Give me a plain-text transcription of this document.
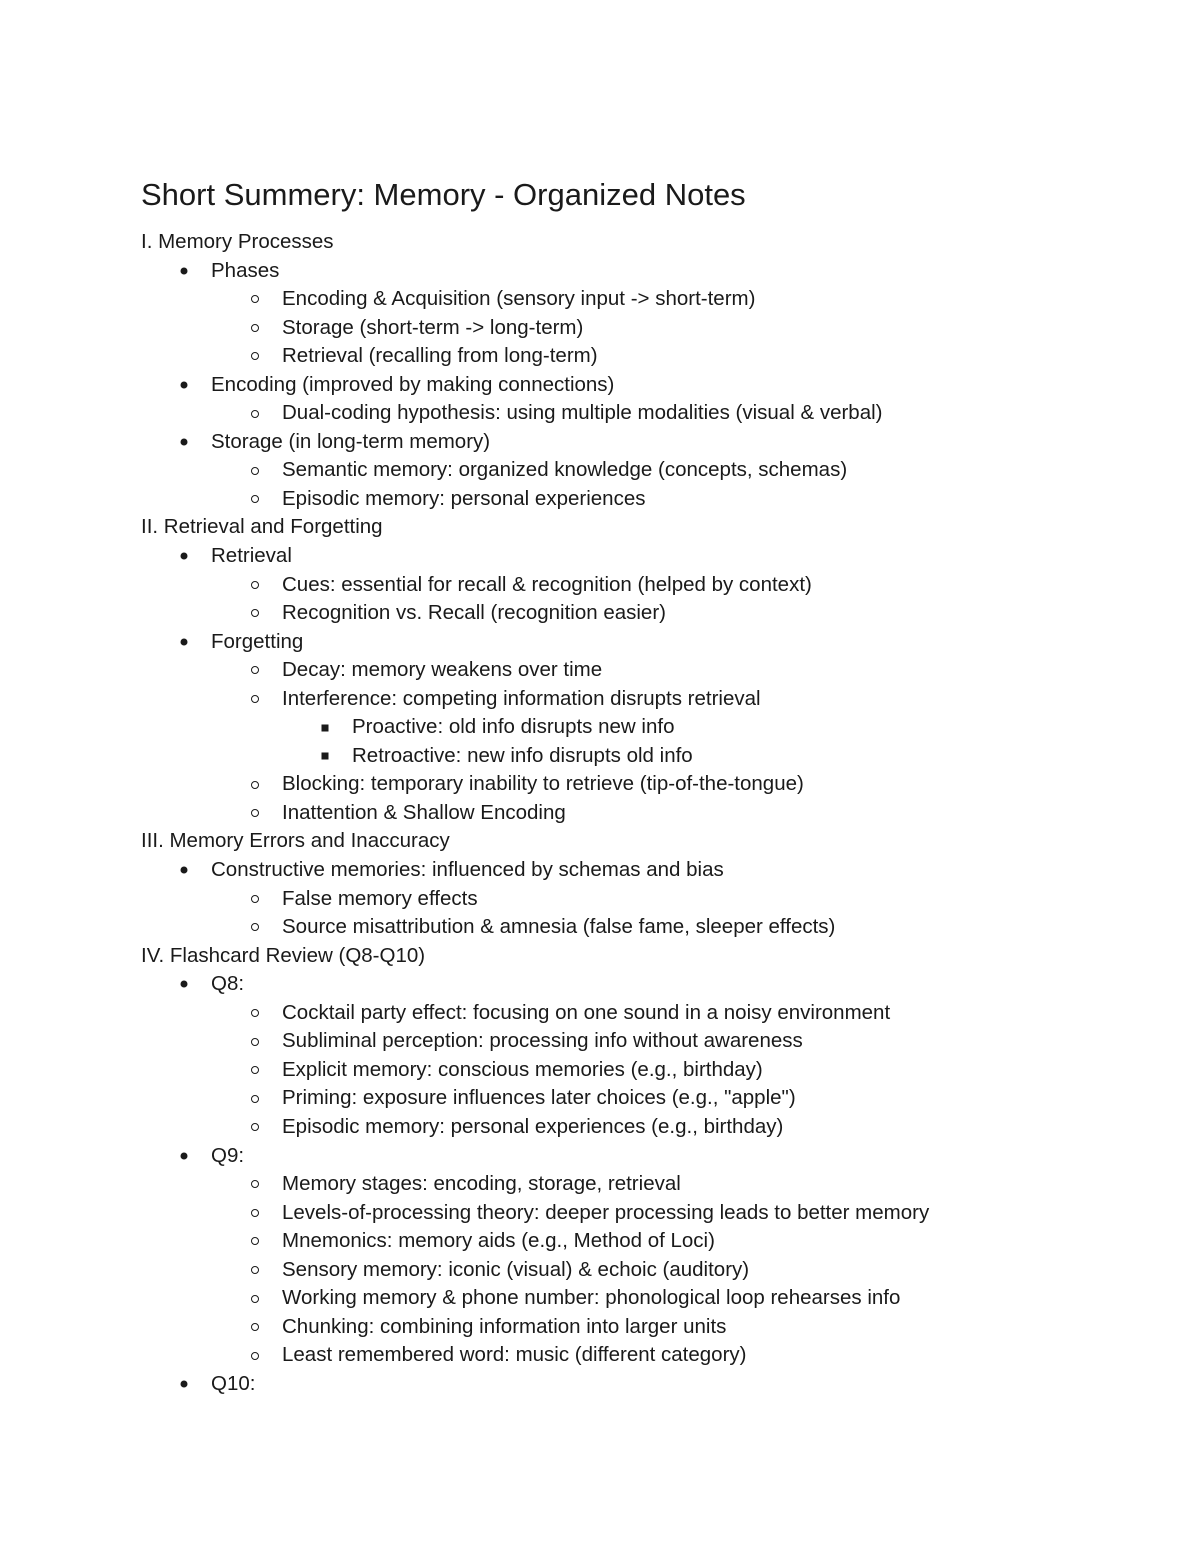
Short Summery: Memory - Organized Notes
I. Memory Processes
Phases
Encoding & Acquisition (sensory input -> short-term)
Storage (short-term -> long-term)
Retrieval (recalling from long-term)
Encoding (improved by making connections)
Dual-coding hypothesis: using multiple modalities (visual & verbal)
Storage (in long-term memory)
Semantic memory: organized knowledge (concepts, schemas)
Episodic memory: personal experiences
II. Retrieval and Forgetting
Retrieval
Cues: essential for recall & recognition (helped by context)
Recognition vs. Recall (recognition easier)
Forgetting
Decay: memory weakens over time
Interference: competing information disrupts retrieval
Proactive: old info disrupts new info
Retroactive: new info disrupts old info
Blocking: temporary inability to retrieve (tip-of-the-tongue)
Inattention & Shallow Encoding
III. Memory Errors and Inaccuracy
Constructive memories: influenced by schemas and bias
False memory effects
Source misattribution & amnesia (false fame, sleeper effects)
IV. Flashcard Review (Q8-Q10)
Q8:
Cocktail party effect: focusing on one sound in a noisy environment
Subliminal perception: processing info without awareness
Explicit memory: conscious memories (e.g., birthday)
Priming: exposure influences later choices (e.g., "apple")
Episodic memory: personal experiences (e.g., birthday)
Q9:
Memory stages: encoding, storage, retrieval
Levels-of-processing theory: deeper processing leads to better memory
Mnemonics: memory aids (e.g., Method of Loci)
Sensory memory: iconic (visual) & echoic (auditory)
Working memory & phone number: phonological loop rehearses info
Chunking: combining information into larger units
Least remembered word: music (different category)
Q10:
